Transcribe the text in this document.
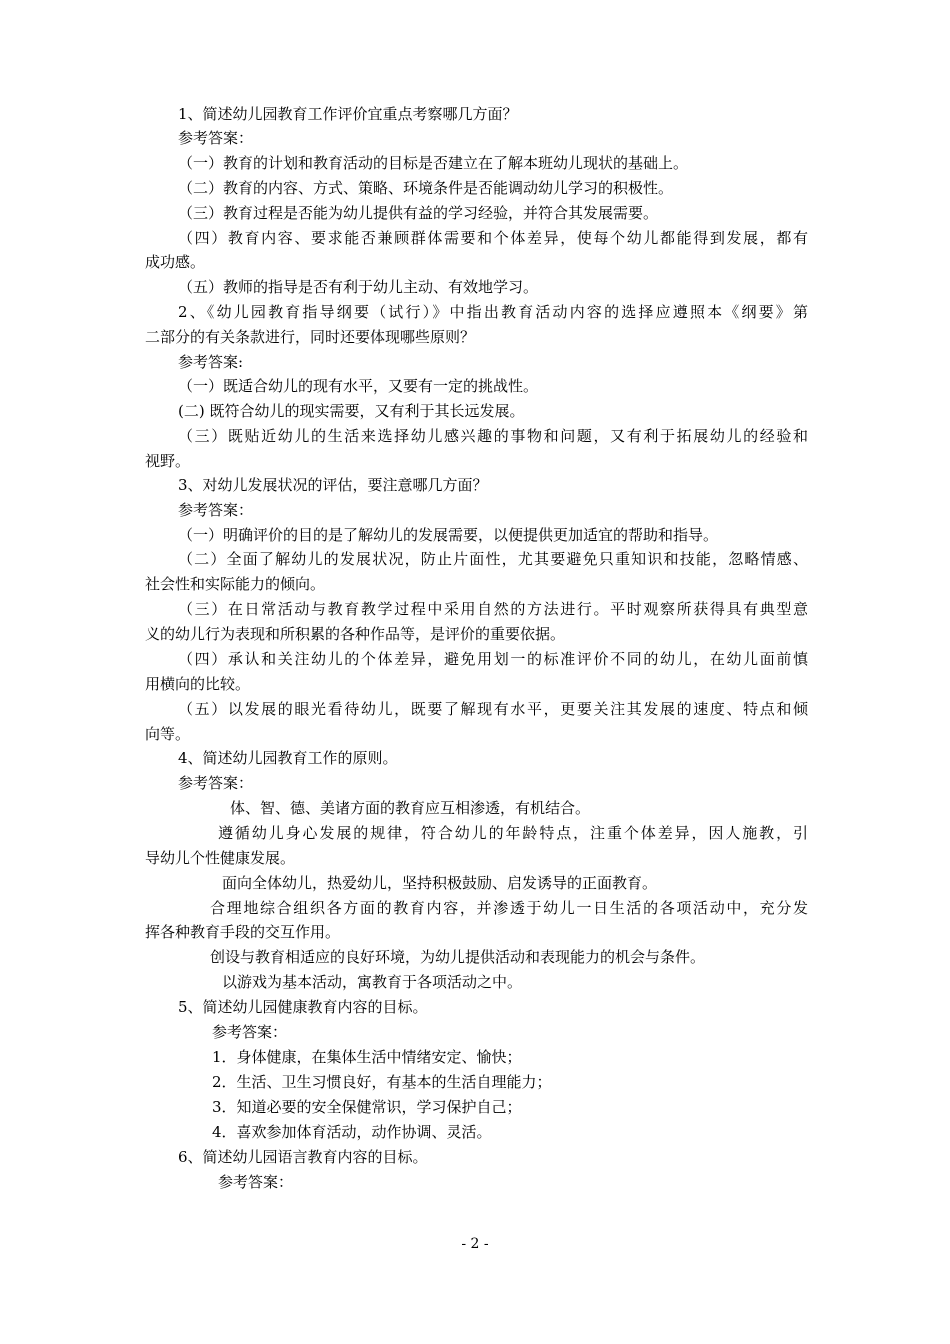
1、简述幼儿园教育工作评价宜重点考察哪几方面？
参考答案：
（一）教育的计划和教育活动的目标是否建立在了解本班幼儿现状的基础上。
（二）教育的内容、方式、策略、环境条件是否能调动幼儿学习的积极性。
（三）教育过程是否能为幼儿提供有益的学习经验，并符合其发展需要。
（四）教育内容、要求能否兼顾群体需要和个体差异，使每个幼儿都能得到发展，都有
成功感。
（五）教师的指导是否有利于幼儿主动、有效地学习。
2、《幼儿园教育指导纲要（试行）》中指出教育活动内容的选择应遵照本《纲要》第
二部分的有关条款进行，同时还要体现哪些原则？
参考答案:
（一）既适合幼儿的现有水平，又要有一定的挑战性。
(二) 既符合幼儿的现实需要，又有利于其长远发展。
（三）既贴近幼儿的生活来选择幼儿感兴趣的事物和问题，又有利于拓展幼儿的经验和
视野。
3、对幼儿发展状况的评估，要注意哪几方面？
参考答案：
（一）明确评价的目的是了解幼儿的发展需要，以便提供更加适宜的帮助和指导。
（二）全面了解幼儿的发展状况，防止片面性，尤其要避免只重知识和技能，忽略情感、
社会性和实际能力的倾向。
（三）在日常活动与教育教学过程中采用自然的方法进行。平时观察所获得具有典型意
义的幼儿行为表现和所积累的各种作品等，是评价的重要依据。
（四）承认和关注幼儿的个体差异，避免用划一的标准评价不同的幼儿，在幼儿面前慎
用横向的比较。
（五）以发展的眼光看待幼儿，既要了解现有水平，更要关注其发展的速度、特点和倾
向等。
4、简述幼儿园教育工作的原则。
参考答案：
体、智、德、美诸方面的教育应互相渗透，有机结合。
遵循幼儿身心发展的规律，符合幼儿的年龄特点，注重个体差异，因人施教，引
导幼儿个性健康发展。
面向全体幼儿，热爱幼儿，坚持积极鼓励、启发诱导的正面教育。
合理地综合组织各方面的教育内容，并渗透于幼儿一日生活的各项活动中，充分发
挥各种教育手段的交互作用。
创设与教育相适应的良好环境，为幼儿提供活动和表现能力的机会与条件。
以游戏为基本活动，寓教育于各项活动之中。
5、简述幼儿园健康教育内容的目标。
参考答案：
1．身体健康，在集体生活中情绪安定、愉快；
2．生活、卫生习惯良好，有基本的生活自理能力；
3．知道必要的安全保健常识，学习保护自己；
4．喜欢参加体育活动，动作协调、灵活。
6、简述幼儿园语言教育内容的目标。
参考答案：
- 2 -
